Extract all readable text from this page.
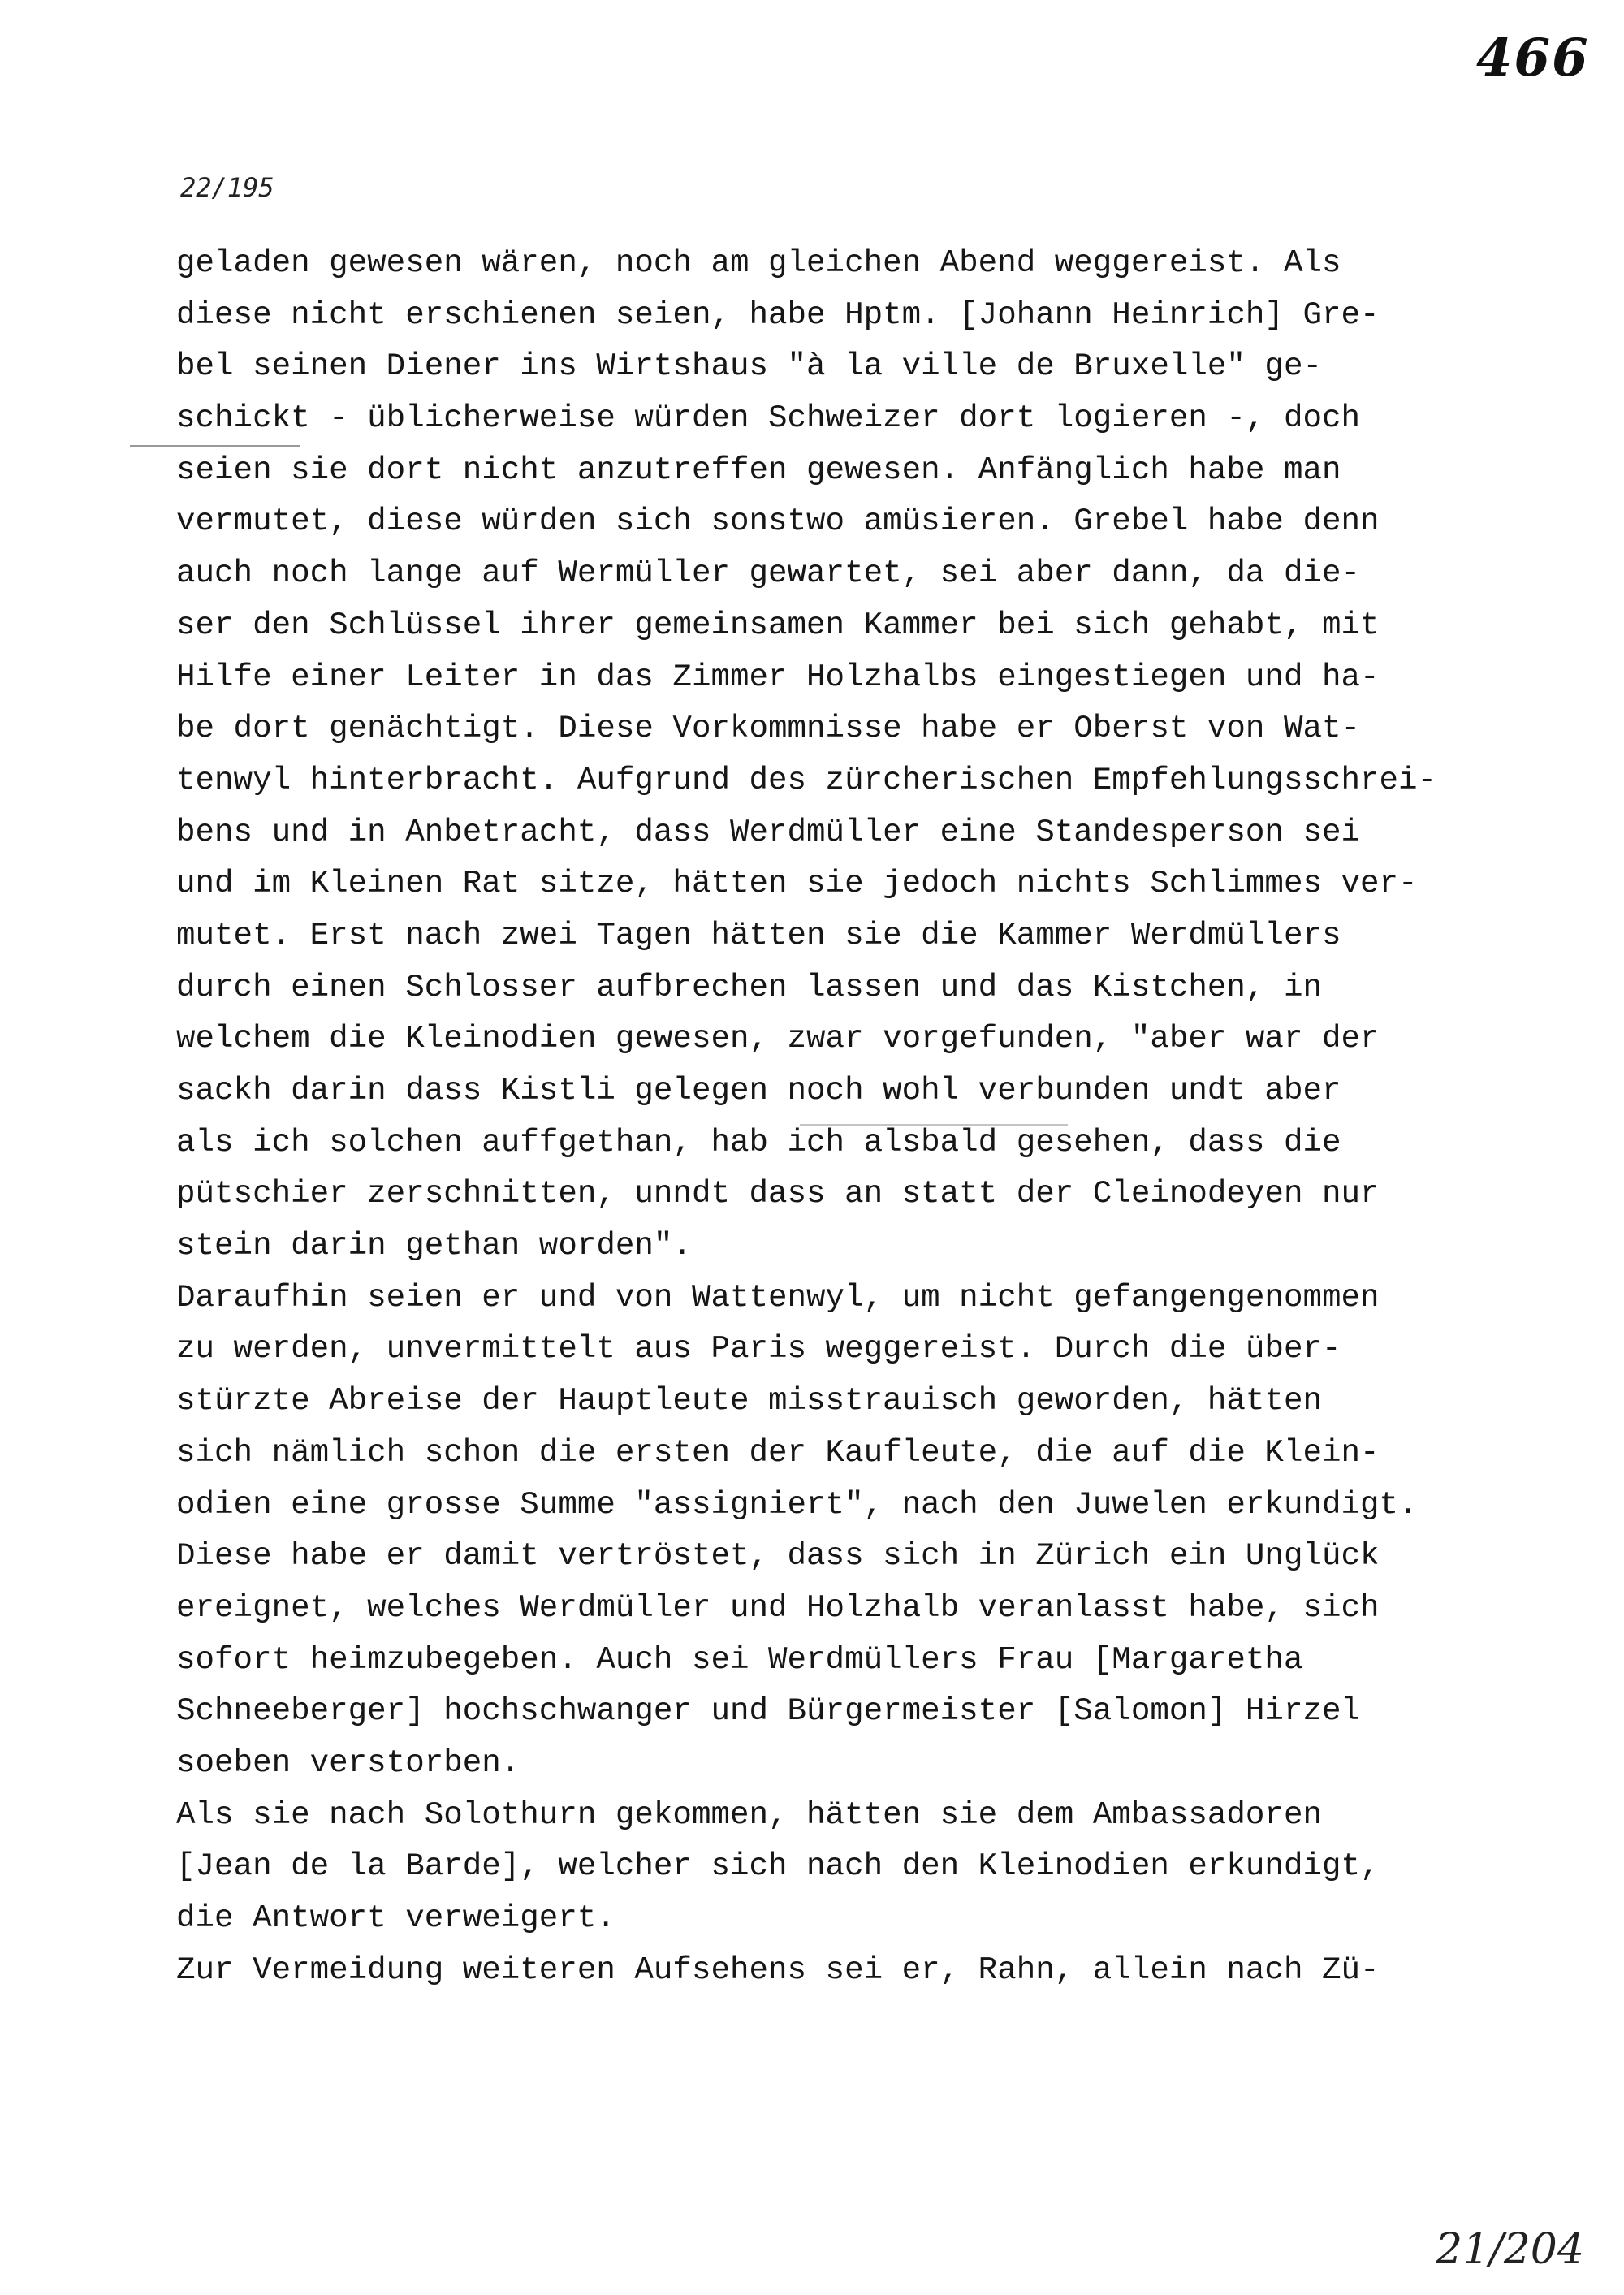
466
22/195
geladen gewesen wären, noch am gleichen Abend weggereist. Als
diese nicht erschienen seien, habe Hptm. [Johann Heinrich] Gre-
bel seinen Diener ins Wirtshaus "à la ville de Bruxelle" ge-
schickt - üblicherweise würden Schweizer dort logieren -, doch
seien sie dort nicht anzutreffen gewesen. Anfänglich habe man
vermutet, diese würden sich sonstwo amüsieren. Grebel habe denn
auch noch lange auf Wermüller gewartet, sei aber dann, da die-
ser den Schlüssel ihrer gemeinsamen Kammer bei sich gehabt, mit
Hilfe einer Leiter in das Zimmer Holzhalbs eingestiegen und ha-
be dort genächtigt. Diese Vorkommnisse habe er Oberst von Wat-
tenwyl hinterbracht. Aufgrund des zürcherischen Empfehlungsschrei-
bens und in Anbetracht, dass Werdmüller eine Standesperson sei
und im Kleinen Rat sitze, hätten sie jedoch nichts Schlimmes ver-
mutet. Erst nach zwei Tagen hätten sie die Kammer Werdmüllers
durch einen Schlosser aufbrechen lassen und das Kistchen, in
welchem die Kleinodien gewesen, zwar vorgefunden, "aber war der
sackh darin dass Kistli gelegen noch wohl verbunden undt aber
als ich solchen auffgethan, hab ich alsbald gesehen, dass die
pütschier zerschnitten, unndt dass an statt der Cleinodeyen nur
stein darin gethan worden".
Daraufhin seien er und von Wattenwyl, um nicht gefangengenommen
zu werden, unvermittelt aus Paris weggereist. Durch die über-
stürzte Abreise der Hauptleute misstrauisch geworden, hätten
sich nämlich schon die ersten der Kaufleute, die auf die Klein-
odien eine grosse Summe "assigniert", nach den Juwelen erkundigt.
Diese habe er damit vertröstet, dass sich in Zürich ein Unglück
ereignet, welches Werdmüller und Holzhalb veranlasst habe, sich
sofort heimzubegeben. Auch sei Werdmüllers Frau [Margaretha
Schneeberger] hochschwanger und Bürgermeister [Salomon] Hirzel
soeben verstorben.
Als sie nach Solothurn gekommen, hätten sie dem Ambassadoren
[Jean de la Barde], welcher sich nach den Kleinodien erkundigt,
die Antwort verweigert.
Zur Vermeidung weiteren Aufsehens sei er, Rahn, allein nach Zü-
21/204
